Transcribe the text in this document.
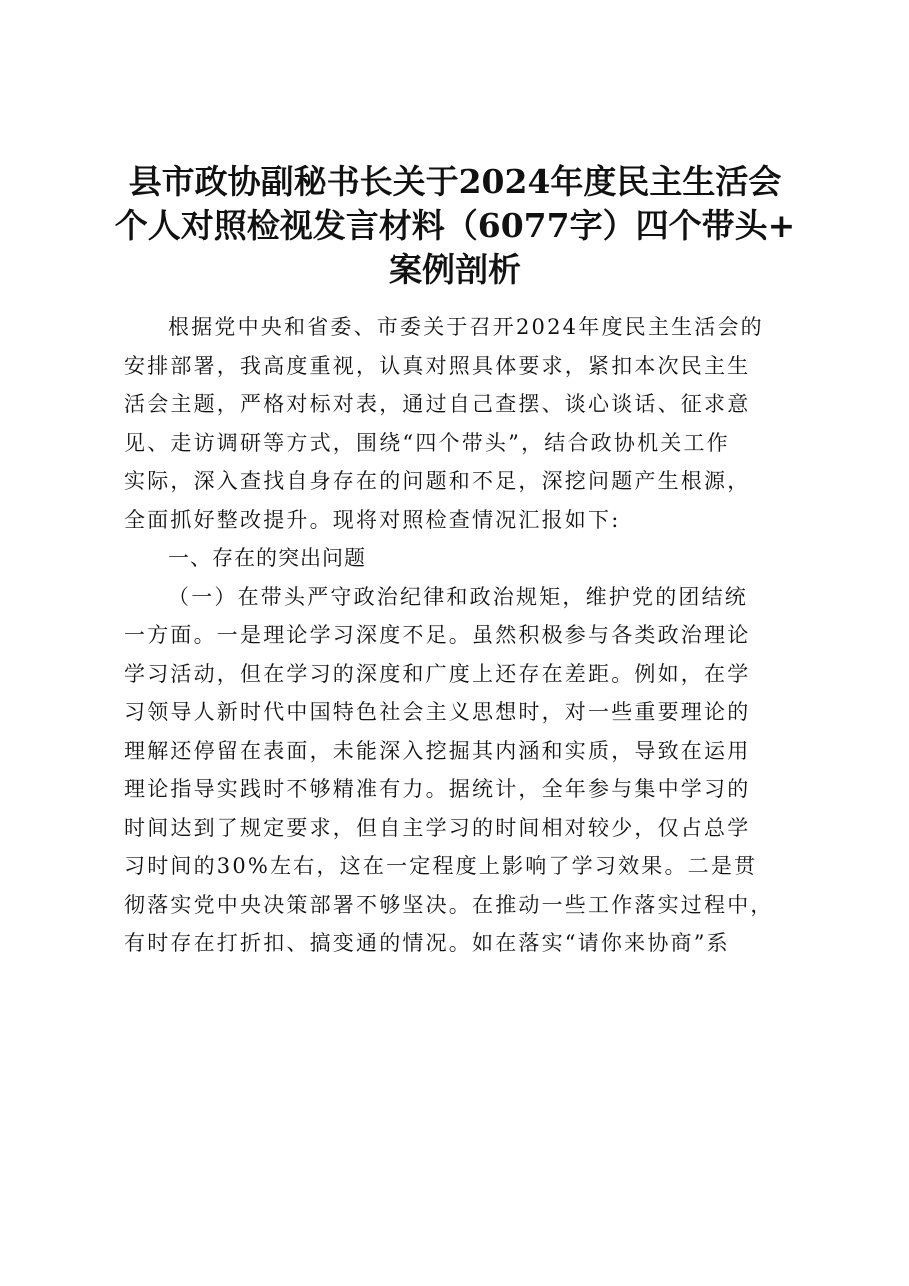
县市政协副秘书长关于2024年度民主生活会
个人对照检视发言材料（6077字）四个带头+
案例剖析
根据党中央和省委、市委关于召开2024年度民主生活会的
安排部署，我高度重视，认真对照具体要求，紧扣本次民主生
活会主题，严格对标对表，通过自己查摆、谈心谈话、征求意
见、走访调研等方式，围绕“四个带头”，结合政协机关工作
实际，深入查找自身存在的问题和不足，深挖问题产生根源，
全面抓好整改提升。现将对照检查情况汇报如下:
一、存在的突出问题
（一）在带头严守政治纪律和政治规矩，维护党的团结统
一方面。一是理论学习深度不足。虽然积极参与各类政治理论
学习活动，但在学习的深度和广度上还存在差距。例如，在学
习领导人新时代中国特色社会主义思想时，对一些重要理论的
理解还停留在表面，未能深入挖掘其内涵和实质，导致在运用
理论指导实践时不够精准有力。据统计，全年参与集中学习的
时间达到了规定要求，但自主学习的时间相对较少，仅占总学
习时间的30%左右，这在一定程度上影响了学习效果。二是贯
彻落实党中央决策部署不够坚决。在推动一些工作落实过程中，
有时存在打折扣、搞变通的情况。如在落实“请你来协商”系
